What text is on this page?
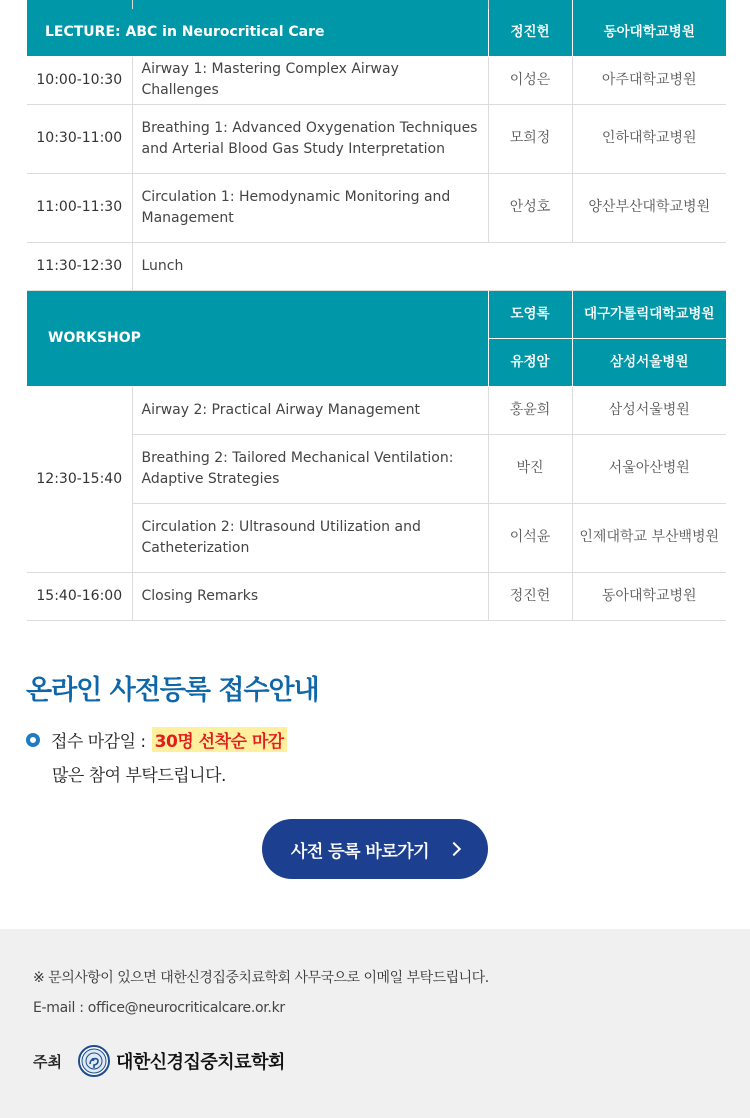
LECTURE: ABC in Neurocritical Care		정진헌	동아대학교병원
10:00-10:30	Airway 1: Mastering Complex Airway Challenges	이성은	아주대학교병원
10:30-11:00	Breathing 1: Advanced Oxygenation Techniques and Arterial Blood Gas Study Interpretation	모희정	인하대학교병원
11:00-11:30	Circulation 1: Hemodynamic Monitoring and Management	안성호	양산부산대학교병원
11:30-12:30	Lunch		
WORKSHOP		도영록	대구가톨릭대학교병원
		유정암	삼성서울병원
12:30-15:40	Airway 2: Practical Airway Management	홍윤희	삼성서울병원
	Breathing 2: Tailored Mechanical Ventilation: Adaptive Strategies	박진	서울아산병원
	Circulation 2: Ultrasound Utilization and Catheterization	이석윤	인제대학교 부산백병원
15:40-16:00	Closing Remarks	정진헌	동아대학교병원
온라인 사전등록 접수안내
접수 마감일 : 30명 선착순 마감
많은 참여 부탁드립니다.
사전 등록 바로가기
※ 문의사항이 있으면 대한신경집중치료학회 사무국으로 이메일 부탁드립니다.
E-mail : office@neurocriticalcare.or.kr
주최	대한신경집중치료학회
